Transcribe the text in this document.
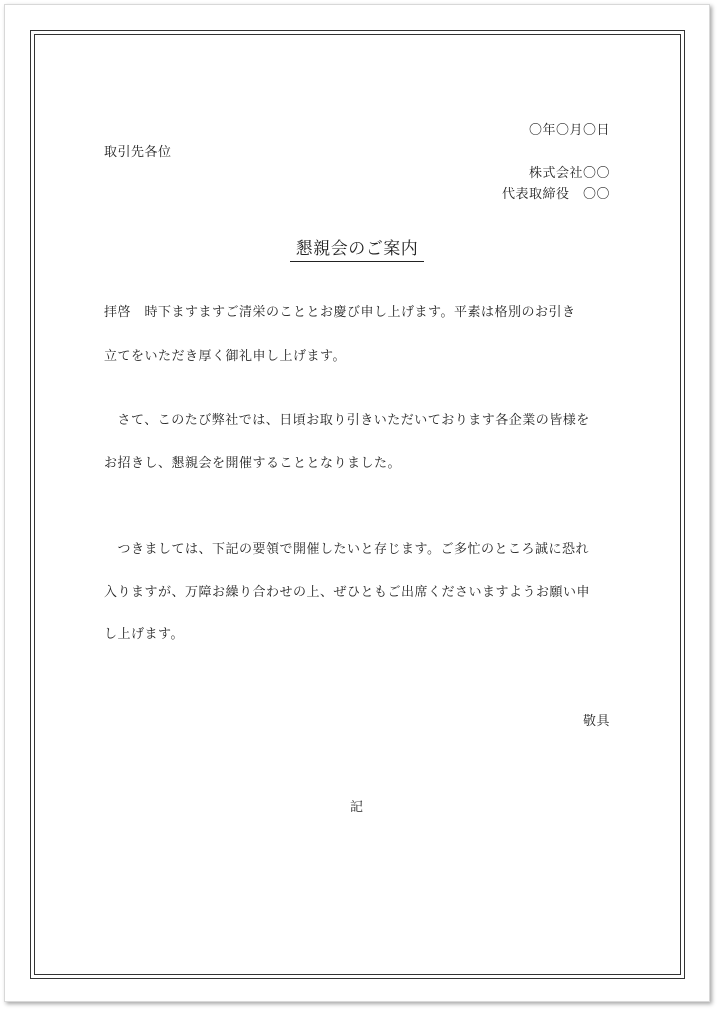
〇年〇月〇日
取引先各位
株式会社〇〇
代表取締役　〇〇
懇親会のご案内
拝啓　時下ますますご清栄のこととお慶び申し上げます。平素は格別のお引き
立てをいただき厚く御礼申し上げます。
　さて、このたび弊社では、日頃お取り引きいただいております各企業の皆様を
お招きし、懇親会を開催することとなりました。
　つきましては、下記の要領で開催したいと存じます。ご多忙のところ誠に恐れ
入りますが、万障お繰り合わせの上、ぜひともご出席くださいますようお願い申
し上げます。
敬具
記
